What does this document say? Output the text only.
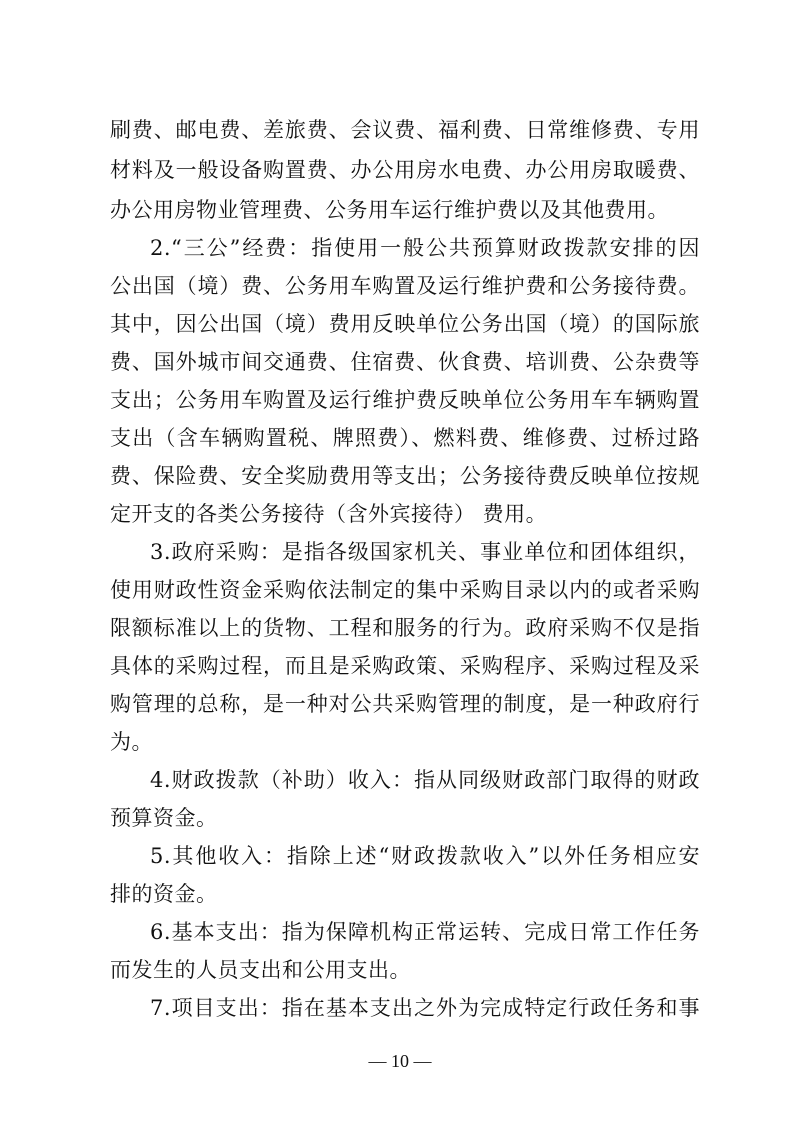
刷费、邮电费、差旅费、会议费、福利费、日常维修费、专用
材料及一般设备购置费、办公用房水电费、办公用房取暖费、
办公用房物业管理费、公务用车运行维护费以及其他费用。
2.“三公”经费：指使用一般公共预算财政拨款安排的因
公出国（境）费、公务用车购置及运行维护费和公务接待费。
其中，因公出国（境）费用反映单位公务出国（境）的国际旅
费、国外城市间交通费、住宿费、伙食费、培训费、公杂费等
支出；公务用车购置及运行维护费反映单位公务用车车辆购置
支出（含车辆购置税、牌照费）、燃料费、维修费、过桥过路
费、保险费、安全奖励费用等支出；公务接待费反映单位按规
定开支的各类公务接待（含外宾接待） 费用。
3.政府采购：是指各级国家机关、事业单位和团体组织，
使用财政性资金采购依法制定的集中采购目录以内的或者采购
限额标准以上的货物、工程和服务的行为。政府采购不仅是指
具体的采购过程，而且是采购政策、采购程序、采购过程及采
购管理的总称，是一种对公共采购管理的制度，是一种政府行
为。
4.财政拨款（补助）收入：指从同级财政部门取得的财政
预算资金。
5.其他收入：指除上述“财政拨款收入”以外任务相应安
排的资金。
6.基本支出：指为保障机构正常运转、完成日常工作任务
而发生的人员支出和公用支出。
7.项目支出：指在基本支出之外为完成特定行政任务和事
— 10 —
